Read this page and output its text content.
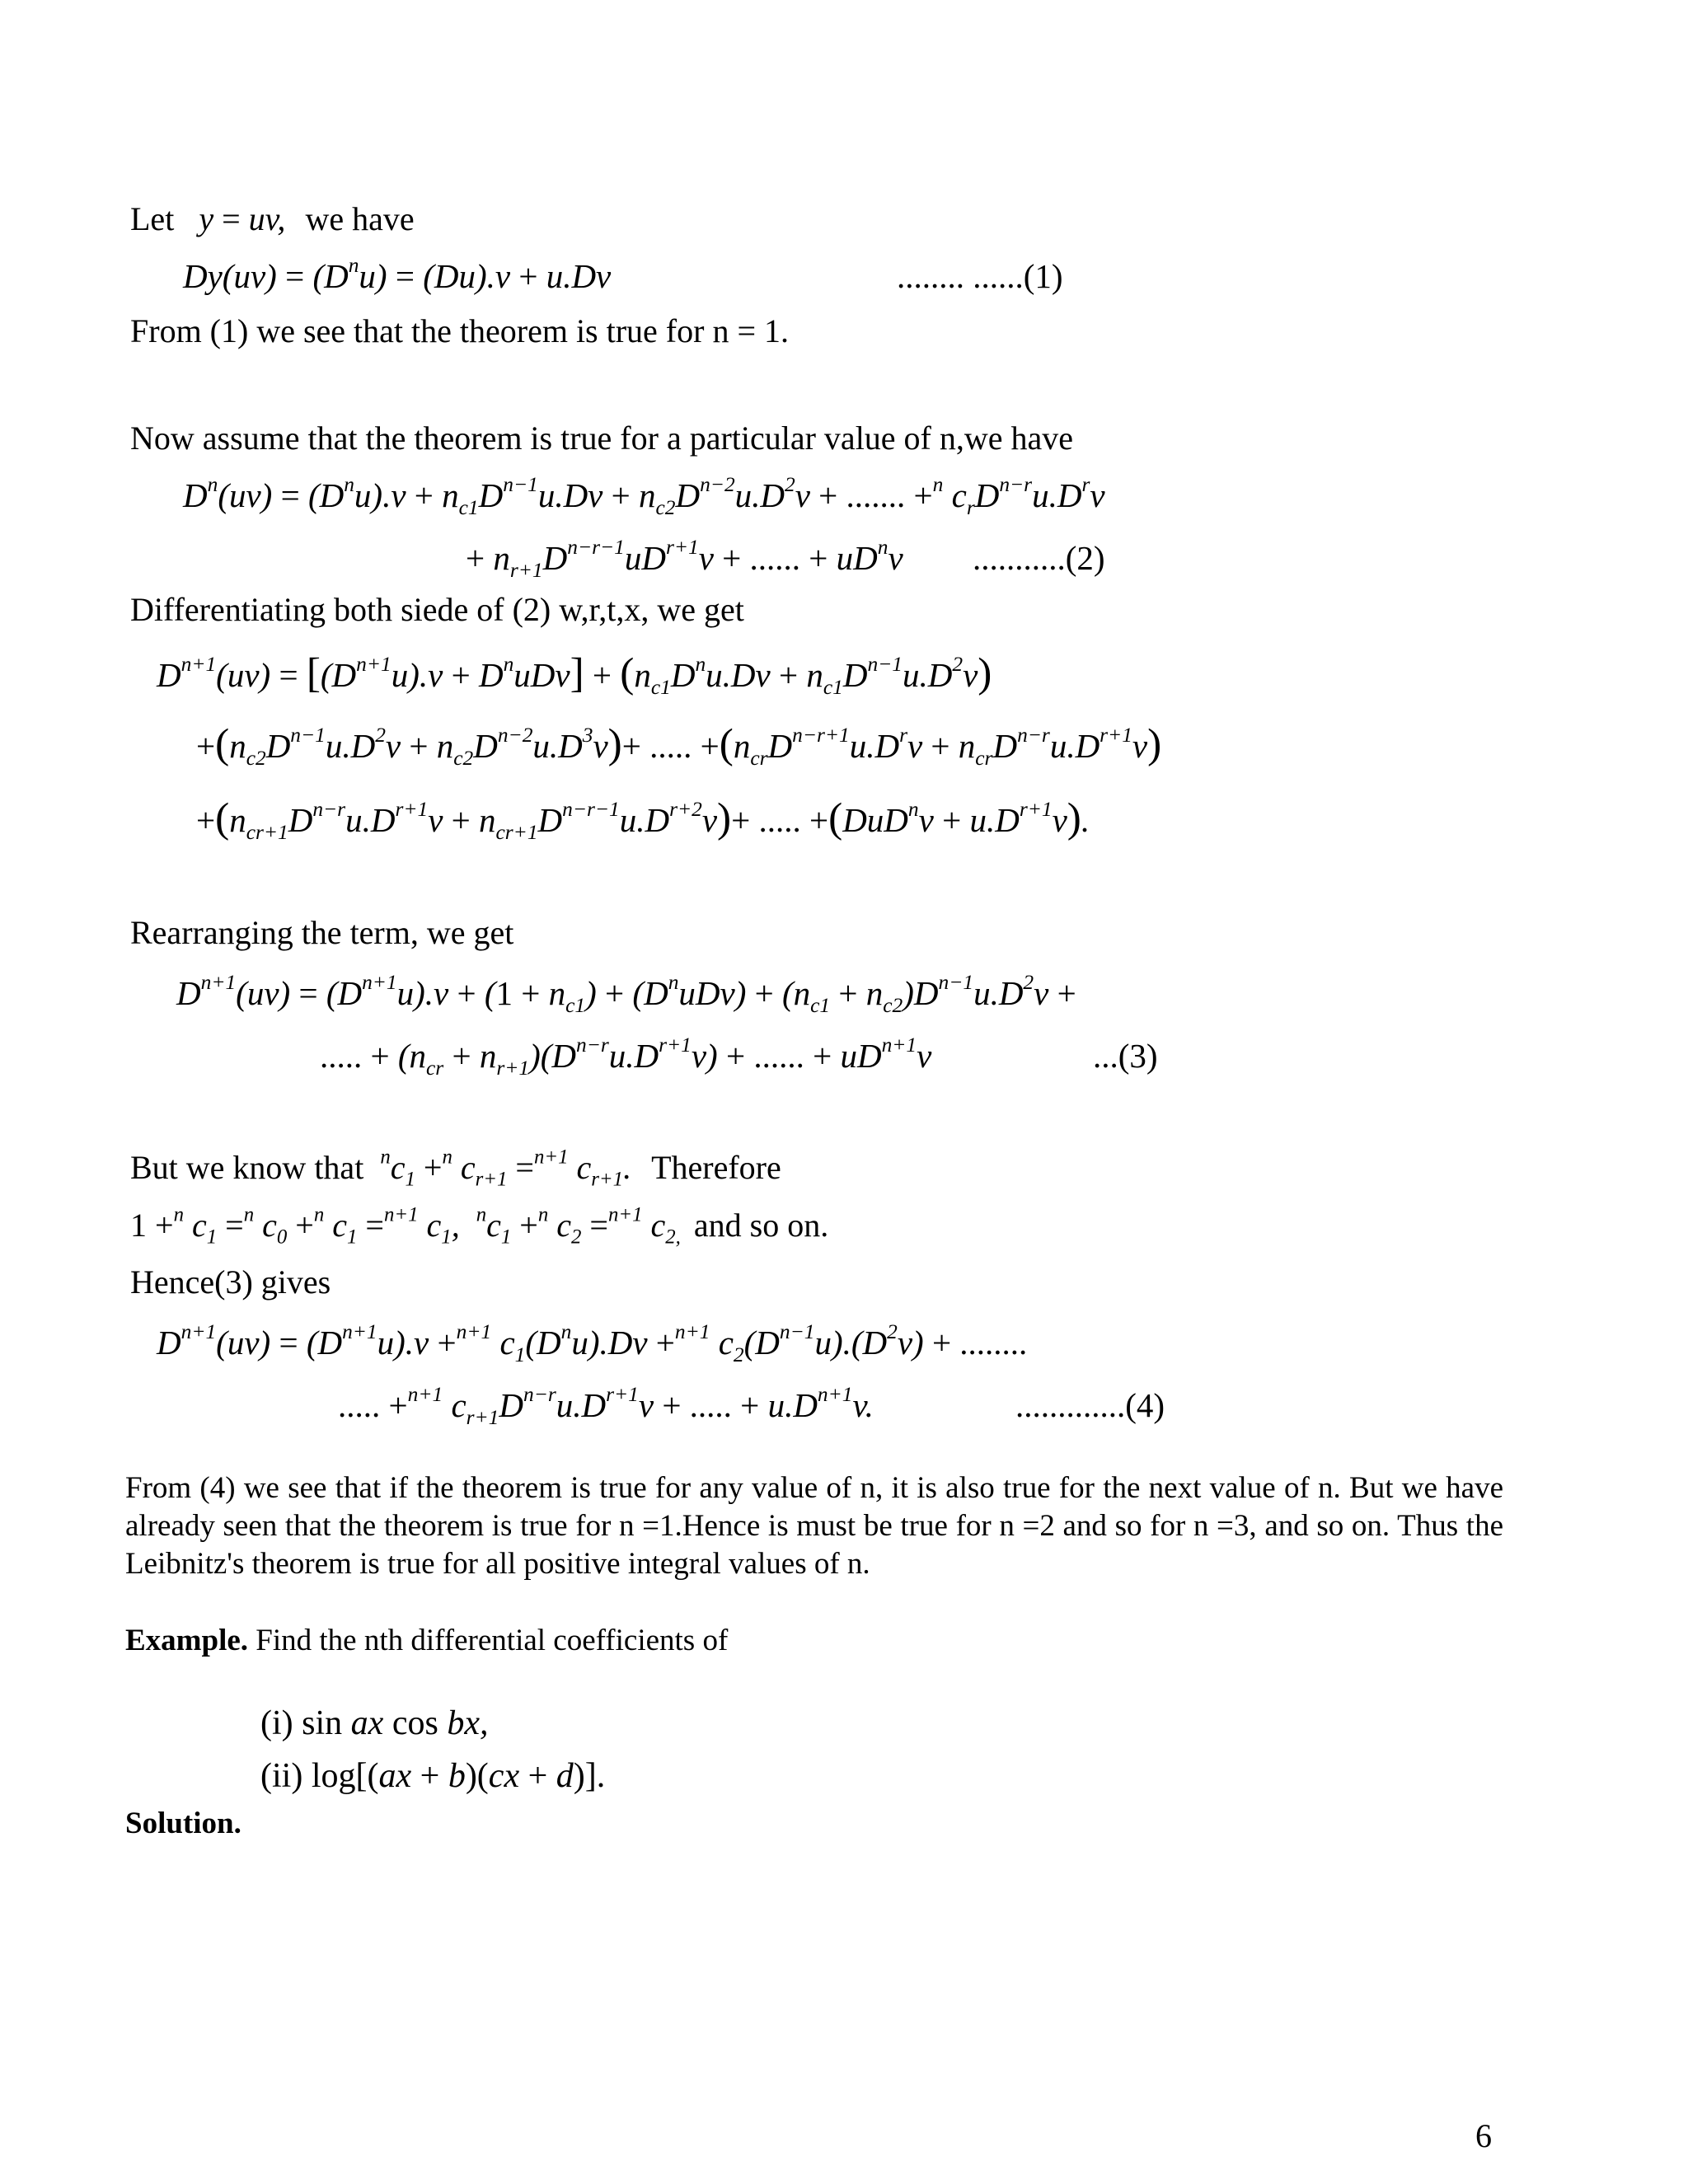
Let   y = uv, we have
$Dy(uv) = (D^nu) = (Du).v + u.Dv$	........ ......(1)
From (1) we see that the theorem is true for n = 1.
Now assume that the theorem is true for a particular value of n,we have
$D^n(uv) = (D^nu).v + n_{c1}D^{n-1}u.Dv + n_{c2}D^{n-2}u.D^2v$ + ....... +$^n$ $c_rD^{n-r}u.D^rv$
+ $n_{r+1}D^{n-r-1}uD^{r+1}v$ + ...... + $uD^nv$ ...........(2)
Differentiating both siede of (2) w,r,t,x, we get
$D^{n+1}(uv) = [(D^{n+1}u).v + D^nuDv] + (n_{c1}D^nu.Dv + n_{c1}D^{n-1}u.D^2v)$
$+(n_{c2}D^{n-1}u.D^2v + n_{c2}D^{n-2}u.D^3v)+$ ..... $+(n_{cr}D^{n-r+1}u.D^rv + n_{cr}D^{n-r}u.D^{r+1}v)$
$+(n_{cr+1}D^{n-r}u.D^{r+1}v + n_{cr+1}D^{n-r-1}u.D^{r+2}v)+$ ..... $+(DuD^nv + u.D^{r+1}v)$.
Rearranging the term, we get
$D^{n+1}(uv) = (D^{n+1}u).v + (1 + n_{c1}) + (D^nuDv) + (n_{c1} + n_{c2})D^{n-1}u.D^2v$ +
..... + $(n_{cr} + n_{r+1})(D^{n-r}u.D^{r+1}v)$ + ...... + $uD^{n+1}v$	...(3)
But we know that $^nc_1 +^n$ $c_{r+1} =^{n+1}$ $c_{r+1}$. Therefore
1 +$^n$ $c_1 =^n$ $c_0 +^n$ $c_1 =^{n+1}$ $c_1$,  $^nc_1 +^n$ $c_2 =^{n+1}$ $c_{2,}$ and so on.
Hence(3) gives
$D^{n+1}(uv) = (D^{n+1}u).v +^{n+1}$ $c_1(D^nu).Dv +^{n+1}$ $c_2(D^{n-1}u).(D^2v)$ + ........
..... +$^{n+1}$ $c_{r+1}D^{n-r}u.D^{r+1}v$ + ..... + $u.D^{n+1}v$.	.............(4)
From (4) we see that if the theorem is true for any value of n, it is also true for the next value of n. But we have already seen that the theorem is true for n =1.Hence is must be true for n =2 and so for n =3, and so on. Thus the Leibnitz's theorem is true for all positive integral values of n.
Example. Find the nth differential coefficients of
(i) sin ax cos bx,
(ii) log[(ax + b)(cx + d)].
Solution.
6
